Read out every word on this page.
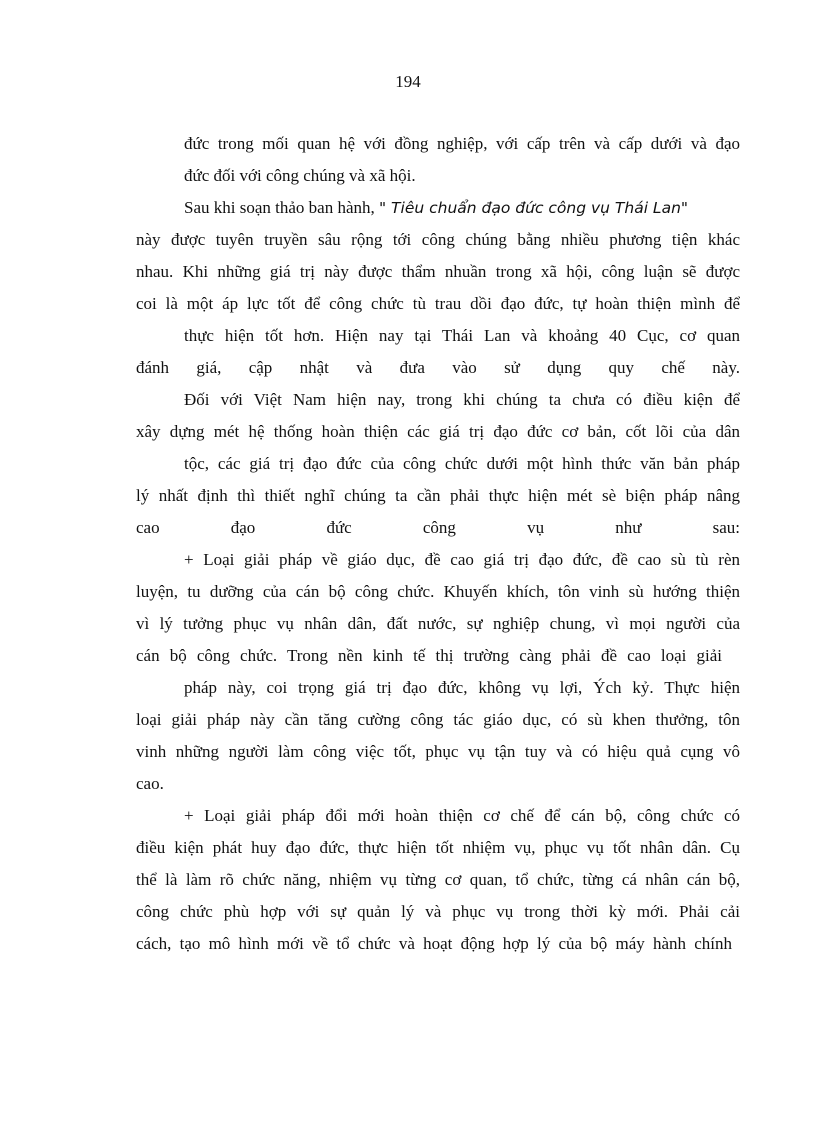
194
đức trong mối quan hệ với đồng nghiệp, với cấp trên và cấp dưới và đạo
đức đối với công chúng và xã hội.
Sau khi soạn thảo ban hành, " Tiêu chuẩn đạo đức công vụ Thái Lan"
này được tuyên truyền sâu rộng tới công chúng bằng nhiều phương tiện khác
nhau. Khi những giá trị này được thẩm nhuần trong xã hội, công luận sẽ được
coi là một áp lực tốt để công chức tù trau dồi đạo đức, tự hoàn thiện mình để
thực hiện tốt hơn. Hiện nay tại Thái Lan và khoảng 40 Cục, cơ quan
đánh giá, cập nhật và đưa vào sử dụng quy chế này.
Đối với Việt Nam hiện nay, trong khi chúng ta chưa có điều kiện để
xây dựng mét hệ thống hoàn thiện các giá trị đạo đức cơ bản, cốt lõi của dân
tộc, các giá trị đạo đức của công chức dưới một hình thức văn bản pháp
lý nhất định thì thiết nghĩ chúng ta cần phải thực hiện mét sè biện pháp nâng
cao đạo đức công vụ như sau:
+ Loại giải pháp về giáo dục, đề cao giá trị đạo đức, đề cao sù tù rèn
luyện, tu dưỡng của cán bộ công chức. Khuyến khích, tôn vinh sù hướng thiện
vì lý tưởng phục vụ nhân dân, đất nước, sự nghiệp chung, vì mọi người của
cán bộ công chức. Trong nền kinh tế thị trường càng phải đề cao loại giải
pháp này, coi trọng giá trị đạo đức, không vụ lợi, Ých kỷ. Thực hiện
loại giải pháp này cần tăng cường công tác giáo dục, có sù khen thưởng, tôn
vinh những người làm công việc tốt, phục vụ tận tuy và có hiệu quả cụng vô
cao.
+ Loại giải pháp đổi mới hoàn thiện cơ chế để cán bộ, công chức có
điều kiện phát huy đạo đức, thực hiện tốt nhiệm vụ, phục vụ tốt nhân dân. Cụ
thể là làm rõ chức năng, nhiệm vụ từng cơ quan, tổ chức, từng cá nhân cán bộ,
công chức phù hợp với sự quản lý và phục vụ trong thời kỳ mới. Phải cải
cách, tạo mô hình mới về tổ chức và hoạt động hợp lý của bộ máy hành chính
